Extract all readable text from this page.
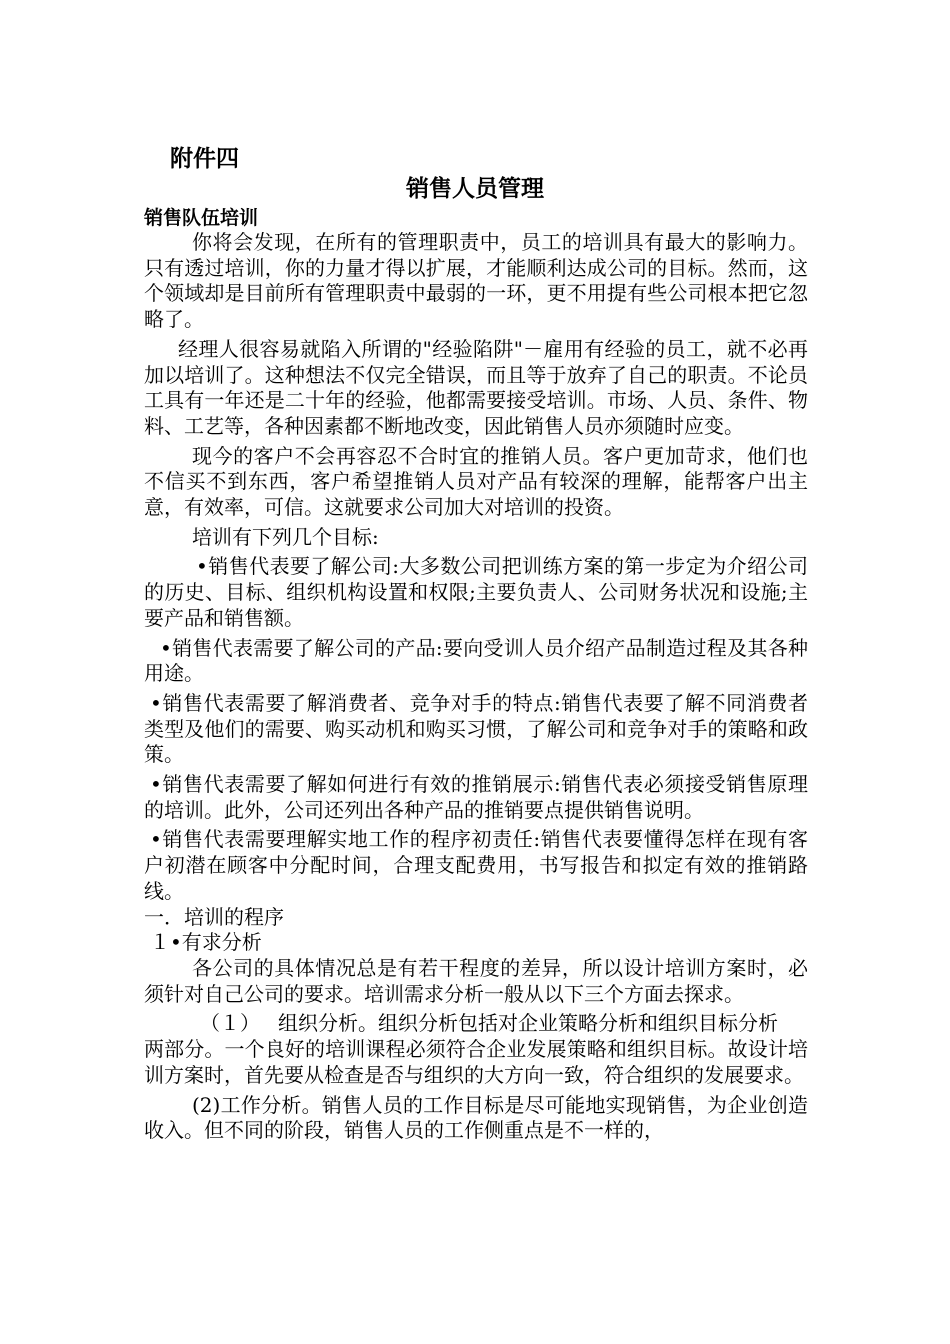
附件四
销售人员管理
销售队伍培训

你将会发现，在所有的管理职责中，员工的培训具有最大的影响力。只有透过培训，你的力量才得以扩展，才能顺利达成公司的目标。然而，这个领域却是目前所有管理职责中最弱的一环，更不用提有些公司根本把它忽略了。

经理人很容易就陷入所谓的"经验陷阱"－雇用有经验的员工，就不必再加以培训了。这种想法不仅完全错误，而且等于放弃了自己的职责。不论员工具有一年还是二十年的经验，他都需要接受培训。市场、人员、条件、物料、工艺等，各种因素都不断地改变，因此销售人员亦须随时应变。

现今的客户不会再容忍不合时宜的推销人员。客户更加苛求，他们也不信买不到东西，客户希望推销人员对产品有较深的理解，能帮客户出主意，有效率，可信。这就要求公司加大对培训的投资。

培训有下列几个目标:

•销售代表要了解公司:大多数公司把训练方案的第一步定为介绍公司的历史、目标、组织机构设置和权限;主要负责人、公司财务状况和设施;主要产品和销售额。

•销售代表需要了解公司的产品:要向受训人员介绍产品制造过程及其各种用途。

•销售代表需要了解消费者、竞争对手的特点:销售代表要了解不同消费者类型及他们的需要、购买动机和购买习惯，了解公司和竞争对手的策略和政策。

•销售代表需要了解如何进行有效的推销展示:销售代表必须接受销售原理的培训。此外，公司还列出各种产品的推销要点提供销售说明。

•销售代表需要理解实地工作的程序初责任:销售代表要懂得怎样在现有客户初潜在顾客中分配时间，合理支配费用，书写报告和拟定有效的推销路线。

一．培训的程序

１•有求分析

各公司的具体情况总是有若干程度的差异，所以设计培训方案时，必须针对自己公司的要求。培训需求分析一般从以下三个方面去探求。

（１） 组织分析。组织分析包括对企业策略分析和组织目标分析

两部分。一个良好的培训课程必须符合企业发展策略和组织目标。故设计培训方案时，首先要从检查是否与组织的大方向一致，符合组织的发展要求。

(2)工作分析。销售人员的工作目标是尽可能地实现销售，为企业创造收入。但不同的阶段，销售人员的工作侧重点是不一样的，
